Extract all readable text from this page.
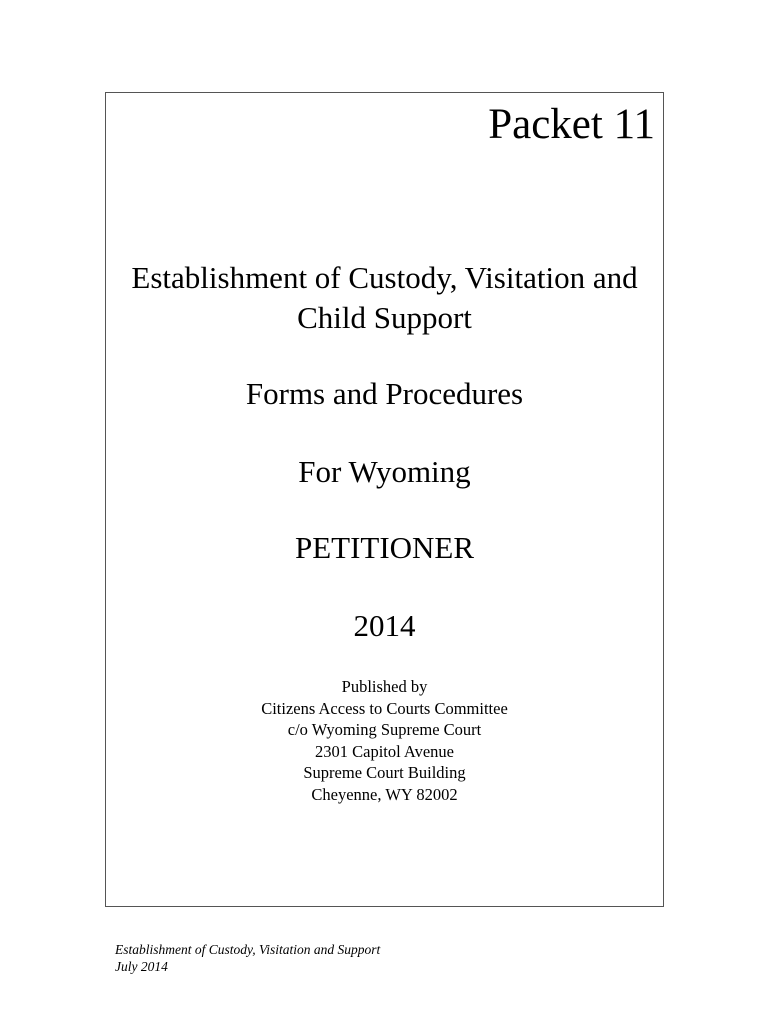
Packet 11
Establishment of Custody, Visitation and
Child Support
Forms and Procedures
For Wyoming
PETITIONER
2014
Published by
Citizens Access to Courts Committee
c/o Wyoming Supreme Court
2301 Capitol Avenue
Supreme Court Building
Cheyenne, WY 82002
Establishment of Custody, Visitation and Support
July 2014
